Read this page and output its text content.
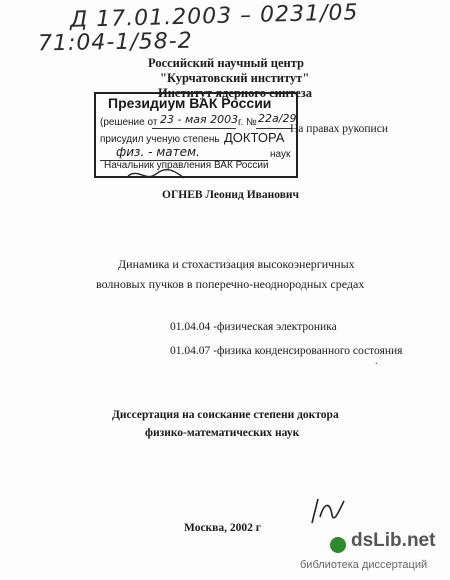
Д 17.01.2003 – 0231/05
71:04-1/58-2
Российский научный центр
"Курчатовский институт"
Институт ядерного синтеза
Президиум ВАК России
(решение от 23 - мая 2003 г. № 22а/29
присудил ученую степень ДОКТОРА
физ. - матем.	наук
Начальник управления ВАК России
На правах рукописи
ОГНЕВ Леонид Иванович
Динамика и стохастизация высокоэнергичных
волновых пучков в поперечно-неоднородных средах
01.04.04 -физическая электроника
01.04.07 -физика конденсированного состояния
.
Диссертация на соискание степени доктора
физико-математических наук
Москва, 2002 г
dsLib.net
библиотека диссертаций
